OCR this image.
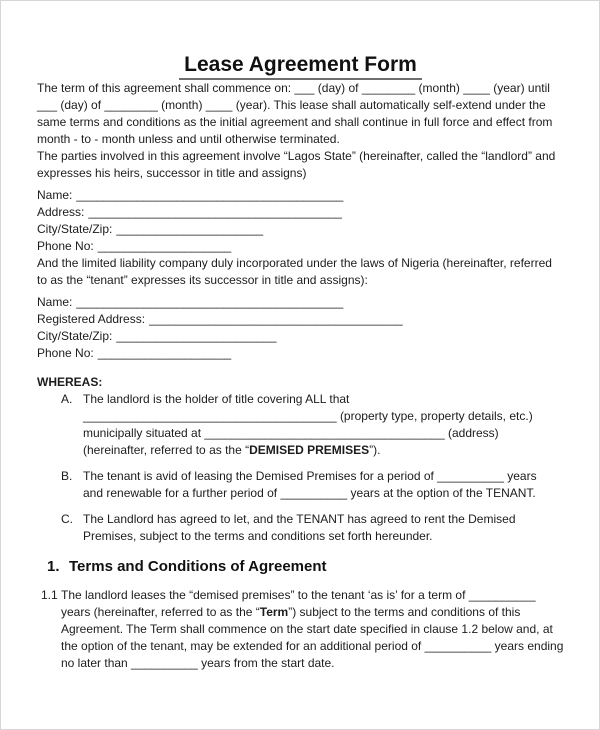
Lease Agreement Form

The term of this agreement shall commence on: ___ (day) of ________ (month) ____ (year) until ___ (day) of ________ (month) ____ (year). This lease shall automatically self-extend under the same terms and conditions as the initial agreement and shall continue in full force and effect from month - to - month unless and until otherwise terminated.

The parties involved in this agreement involve “Lagos State” (hereinafter, called the “landlord” and expresses his heirs, successor in title and assigns)

Name: ________________________________________
Address: ______________________________________
City/State/Zip: ______________________
Phone No: ____________________

And the limited liability company duly incorporated under the laws of Nigeria (hereinafter, referred to as the “tenant” expresses its successor in title and assigns):

Name: ________________________________________
Registered Address: ______________________________________
City/State/Zip: ________________________
Phone No: ____________________
WHEREAS:
A. The landlord is the holder of title covering ALL that ______________________________________ (property type, property details, etc.) municipally situated at ____________________________________ (address) (hereinafter, referred to as the “DEMISED PREMISES”).
B. The tenant is avid of leasing the Demised Premises for a period of __________ years and renewable for a further period of __________ years at the option of the TENANT.
C. The Landlord has agreed to let, and the TENANT has agreed to rent the Demised Premises, subject to the terms and conditions set forth hereunder.
1. Terms and Conditions of Agreement
1.1 The landlord leases the “demised premises” to the tenant ‘as is’ for a term of __________ years (hereinafter, referred to as the “Term”) subject to the terms and conditions of this Agreement. The Term shall commence on the start date specified in clause 1.2 below and, at the option of the tenant, may be extended for an additional period of __________ years ending no later than __________ years from the start date.
